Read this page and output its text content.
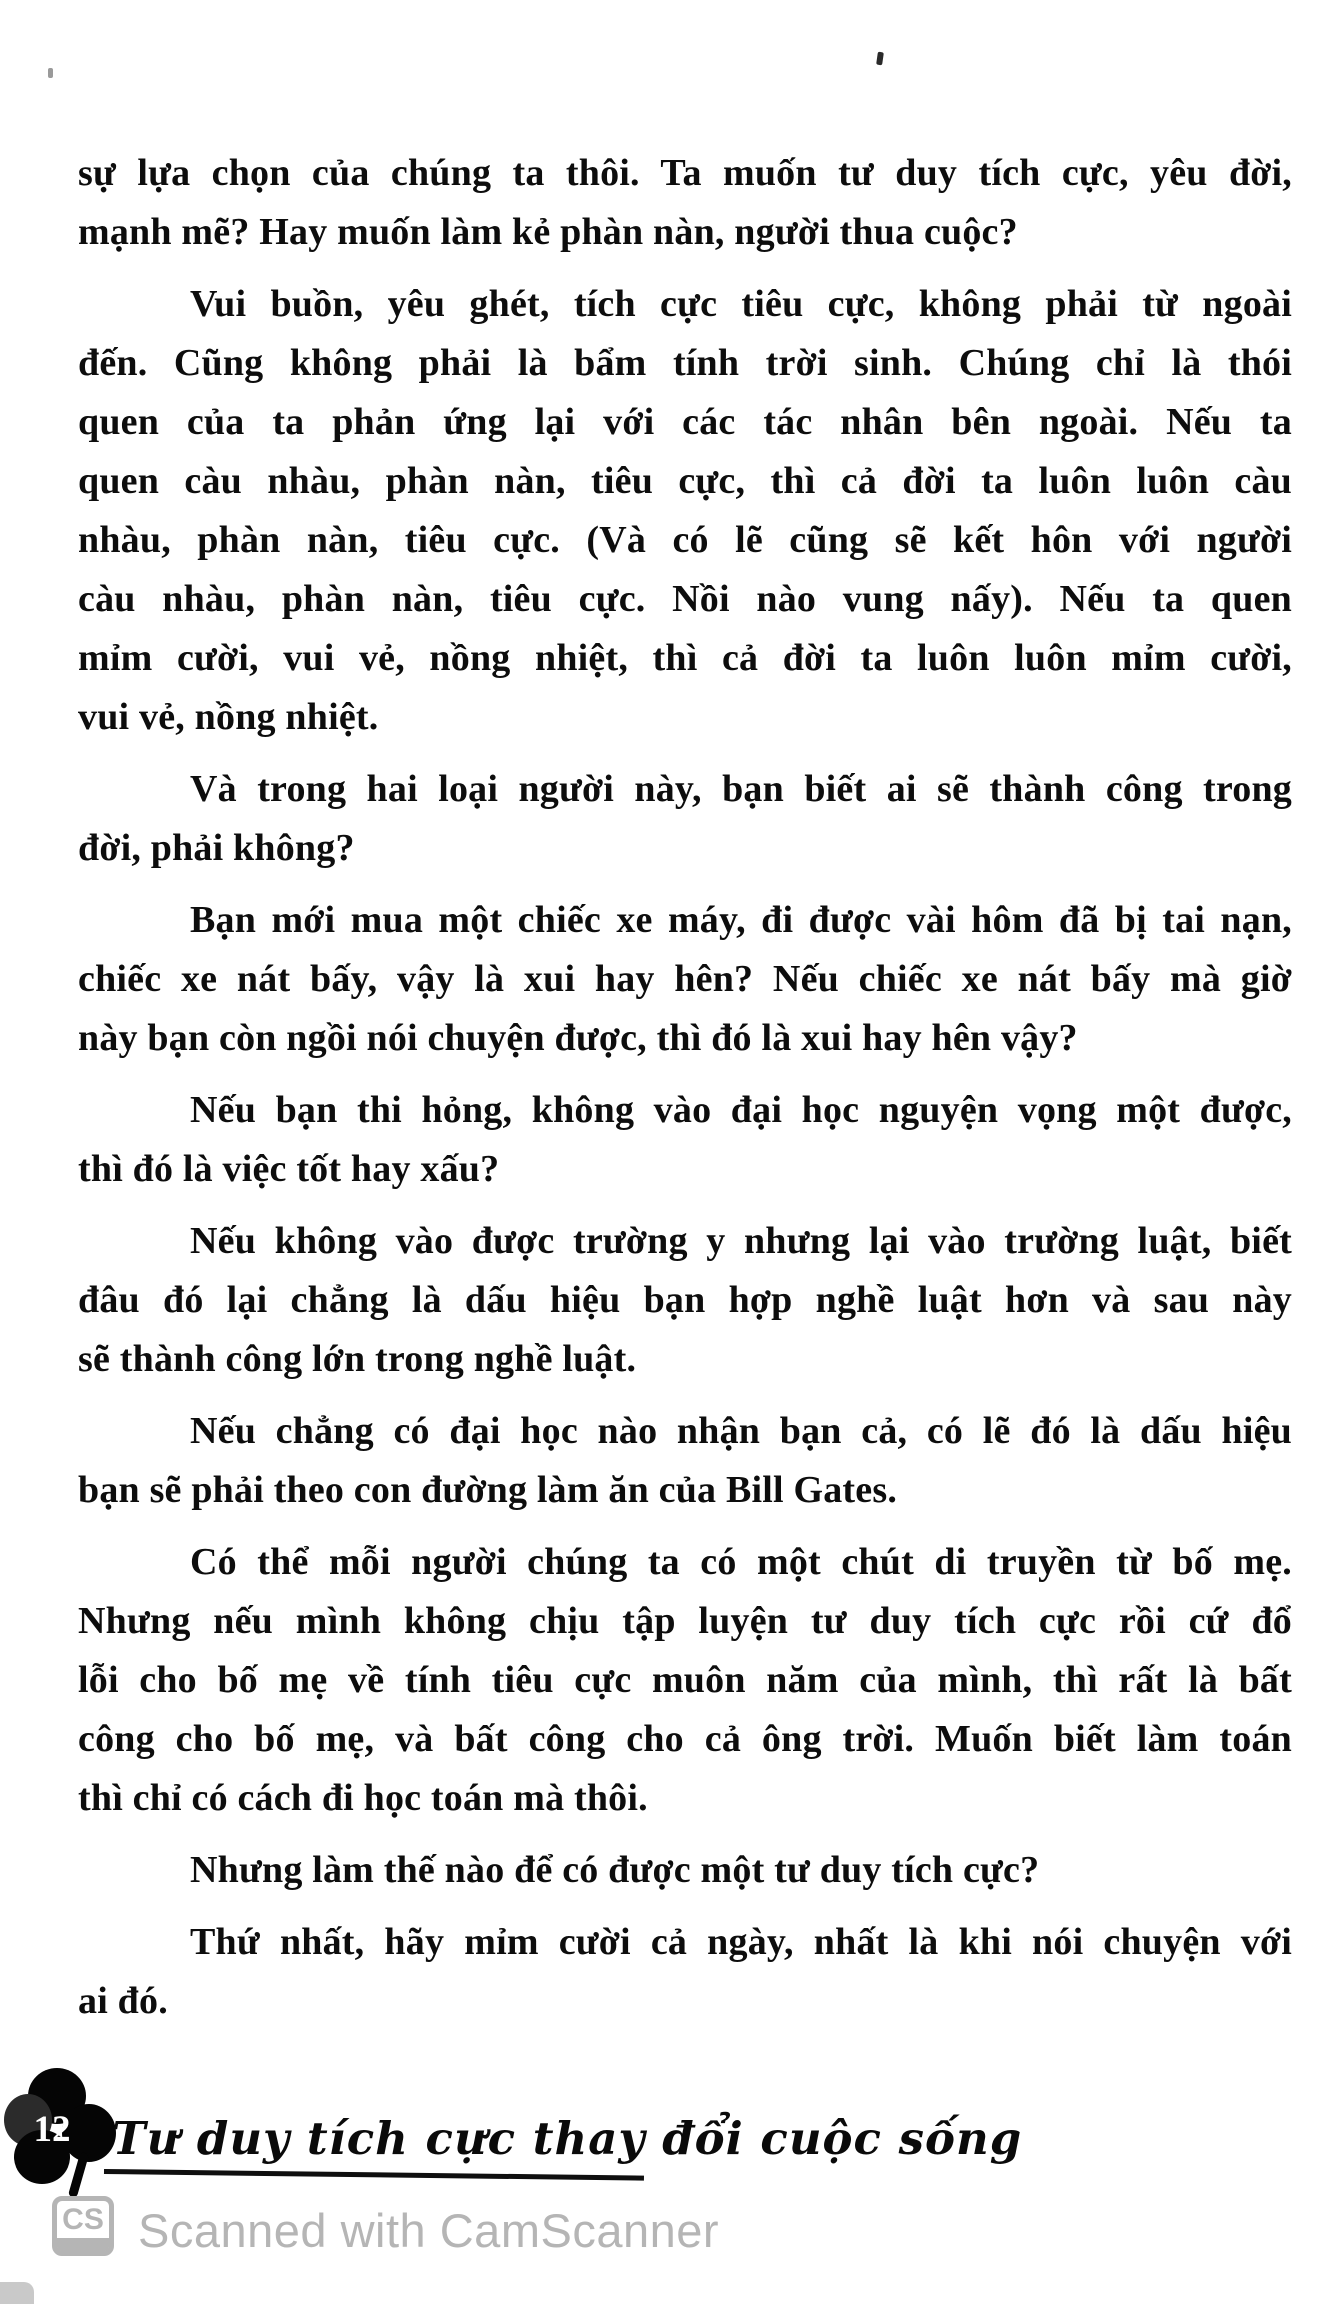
sự lựa chọn của chúng ta thôi. Ta muốn tư duy tích cực, yêu đời,
mạnh mẽ? Hay muốn làm kẻ phàn nàn, người thua cuộc?
Vui buồn, yêu ghét, tích cực tiêu cực, không phải từ ngoài
đến. Cũng không phải là bẩm tính trời sinh. Chúng chỉ là thói
quen của ta phản ứng lại với các tác nhân bên ngoài. Nếu ta
quen càu nhàu, phàn nàn, tiêu cực, thì cả đời ta luôn luôn càu
nhàu, phàn nàn, tiêu cực. (Và có lẽ cũng sẽ kết hôn với người
càu nhàu, phàn nàn, tiêu cực. Nồi nào vung nấy). Nếu ta quen
mỉm cười, vui vẻ, nồng nhiệt, thì cả đời ta luôn luôn mỉm cười,
vui vẻ, nồng nhiệt.
Và trong hai loại người này, bạn biết ai sẽ thành công trong
đời, phải không?
Bạn mới mua một chiếc xe máy, đi được vài hôm đã bị tai nạn,
chiếc xe nát bấy, vậy là xui hay hên? Nếu chiếc xe nát bấy mà giờ
này bạn còn ngồi nói chuyện được, thì đó là xui hay hên vậy?
Nếu bạn thi hỏng, không vào đại học nguyện vọng một được,
thì đó là việc tốt hay xấu?
Nếu không vào được trường y nhưng lại vào trường luật, biết
đâu đó lại chẳng là dấu hiệu bạn hợp nghề luật hơn và sau này
sẽ thành công lớn trong nghề luật.
Nếu chẳng có đại học nào nhận bạn cả, có lẽ đó là dấu hiệu
bạn sẽ phải theo con đường làm ăn của Bill Gates.
Có thể mỗi người chúng ta có một chút di truyền từ bố mẹ.
Nhưng nếu mình không chịu tập luyện tư duy tích cực rồi cứ đổ
lỗi cho bố mẹ về tính tiêu cực muôn năm của mình, thì rất là bất
công cho bố mẹ, và bất công cho cả ông trời. Muốn biết làm toán
thì chỉ có cách đi học toán mà thôi.
Nhưng làm thế nào để có được một tư duy tích cực?
Thứ nhất, hãy mỉm cười cả ngày, nhất là khi nói chuyện với
ai đó.
12 Tư duy tích cực thay đổi cuộc sống
CS Scanned with CamScanner
